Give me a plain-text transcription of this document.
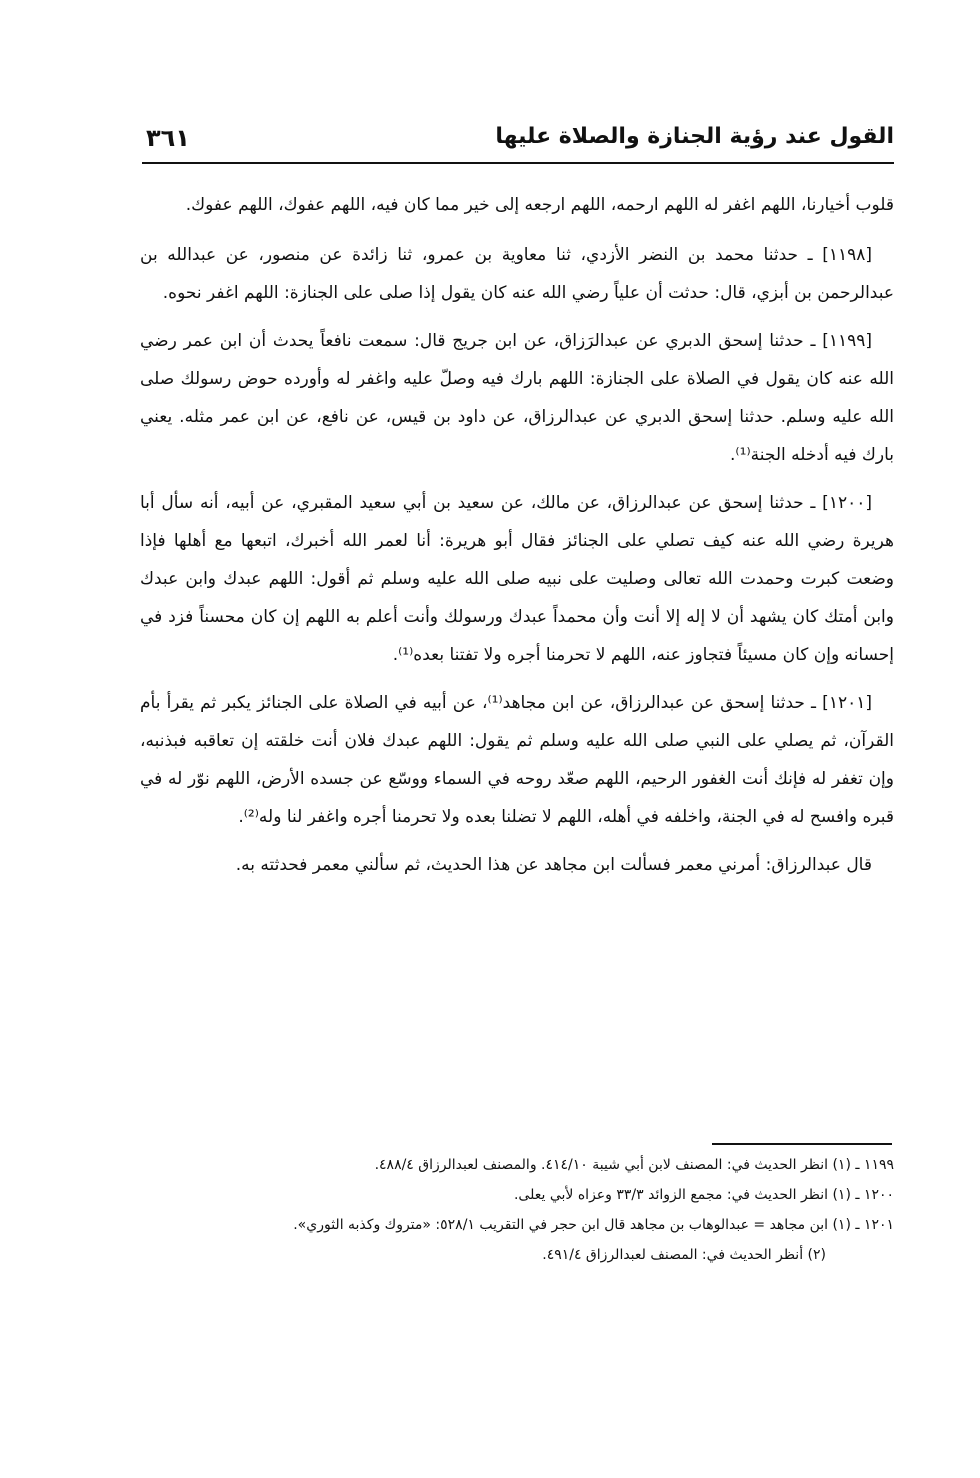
القول عند رؤية الجنازة والصلاة عليها
٣٦١

قلوب أخيارنا، اللهم اغفر له اللهم ارحمه، اللهم ارجعه إلى خير مما كان فيه، اللهم عفوك، اللهم عفوك.

[١١٩٨] ـ حدثنا محمد بن النضر الأزدي، ثنا معاوية بن عمرو، ثنا زائدة عن منصور، عن عبدالله بن عبدالرحمن بن أبزي، قال: حدثت أن علياً رضي الله عنه كان يقول إذا صلى على الجنازة: اللهم اغفر نحوه.

[١١٩٩] ـ حدثنا إسحق الدبري عن عبدالرَزاق، عن ابن جريج قال: سمعت نافعاً يحدث أن ابن عمر رضي الله عنه كان يقول في الصلاة على الجنازة: اللهم بارك فيه وصلّ عليه واغفر له وأورده حوض رسولك صلى الله عليه وسلم. حدثنا إسحق الدبري عن عبدالرزاق، عن داود بن قيس، عن نافع، عن ابن عمر مثله. يعني بارك فيه أدخله الجنة⁽¹⁾.

[١٢٠٠] ـ حدثنا إسحق عن عبدالرزاق، عن مالك، عن سعيد بن أبي سعيد المقبري، عن أبيه، أنه سأل أبا هريرة رضي الله عنه كيف تصلي على الجنائز فقال أبو هريرة: أنا لعمر الله أخبرك، اتبعها مع أهلها فإذا وضعت كبرت وحمدت الله تعالى وصليت على نبيه صلى الله عليه وسلم ثم أقول: اللهم عبدك وابن عبدك وابن أمتك كان يشهد أن لا إله إلا أنت وأن محمداً عبدك ورسولك وأنت أعلم به اللهم إن كان محسناً فزد في إحسانه وإن كان مسيئاً فتجاوز عنه، اللهم لا تحرمنا أجره ولا تفتنا بعده⁽¹⁾.

[١٢٠١] ـ حدثنا إسحق عن عبدالرزاق، عن ابن مجاهد⁽¹⁾، عن أبيه في الصلاة على الجنائز يكبر ثم يقرأ بأم القرآن، ثم يصلي على النبي صلى الله عليه وسلم ثم يقول: اللهم عبدك فلان أنت خلقته إن تعاقبه فبذنبه، وإن تغفر له فإنك أنت الغفور الرحيم، اللهم صعّد روحه في السماء ووسّع عن جسده الأرض، اللهم نوّر له في قبره وافسح له في الجنة، واخلفه في أهله، اللهم لا تضلنا بعده ولا تحرمنا أجره واغفر لنا وله⁽²⁾.

قال عبدالرزاق: أمرني معمر فسألت ابن مجاهد عن هذا الحديث، ثم سألني معمر فحدثته به.

١١٩٩ ـ (١) انظر الحديث في: المصنف لابن أبي شيبة ٤١٤/١٠. والمصنف لعبدالرزاق ٤٨٨/٤.

١٢٠٠ ـ (١) انظر الحديث في: مجمع الزوائد ٣٣/٣ وعزاه لأبي يعلى.

١٢٠١ ـ (١) ابن مجاهد = عبدالوهاب بن مجاهد قال ابن حجر في التقريب ٥٢٨/١: «متروك وكذبه الثوري».

(٢) أنظر الحديث في: المصنف لعبدالرزاق ٤٩١/٤.
